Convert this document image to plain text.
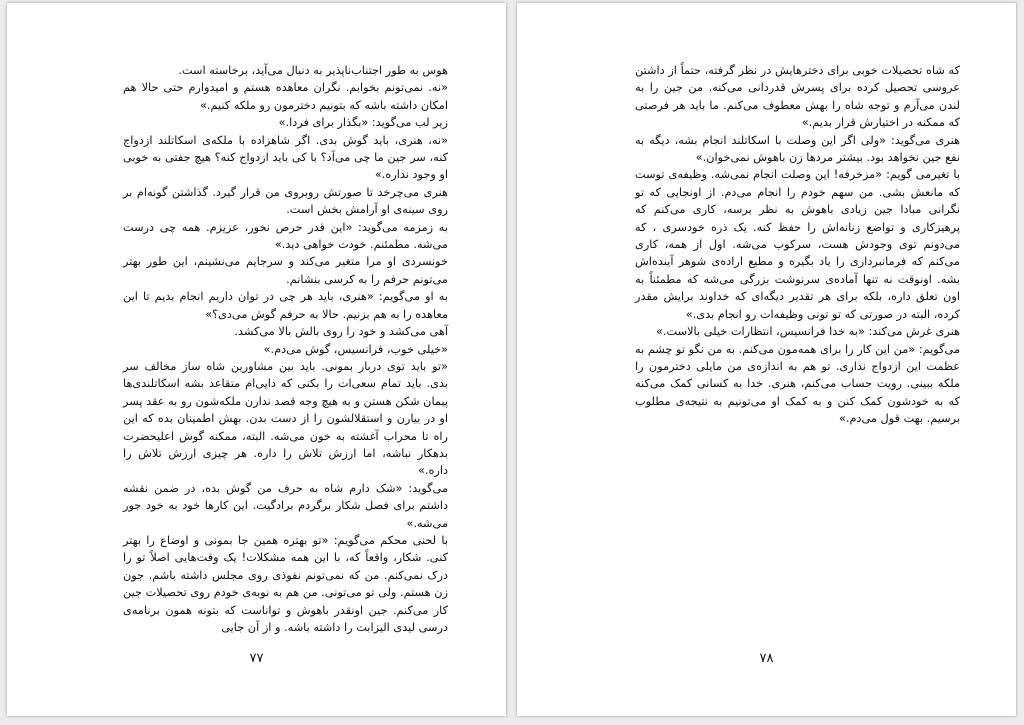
هوس به طور اجتناب‌ناپذیر به دنبال می‌آید، برخاسته است.

«نه. نمی‌تونم بخوابم. نگران معاهده هستم و امیدوارم حتی حالا هم امکان داشته باشه که بتونیم دخترمون رو ملکه کنیم.»

زیر لب می‌گوید: «بگذار برای فردا.»

«نه، هنری، باید گوش بدی. اگر شاهزاده با ملکه‌ی اسکاتلند ازدواج کنه، سر جین ما چی می‌آد؟ با کی باید ازدواج کنه؟ هیچ جفتی به خوبی او وجود نداره.»

هنری می‌چرخد تا صورتش روبروی من قرار گیرد. گذاشتن گونه‌ام بر روی سینه‌ی او آرامش بخش است.

به زمزمه می‌گوید: «این قدر حرص نخور، عزیزم. همه چی درست می‌شه. مطمئنم. خودت خواهی دید.»

خونسردی او مرا متغیر می‌کند و سرجایم می‌نشینم، این طور بهتر می‌تونم حرفم را به کرسی بنشانم.

به او می‌گویم: «هنری، باید هر چی در توان داریم انجام بدیم تا این معاهده را به هم بزنیم. حالا به حرفم گوش می‌دی؟»

آهی می‌کشد و خود را روی بالش بالا می‌کشد.

«خیلی خوب، فرانسیس، گوش می‌دم.»

«تو باید توی دربار بمونی. باید بین مشاورین شاه ساز مخالف سر بدی. باید تمام سعی‌ات را بکنی که دایی‌ام متقاعد بشه اسکاتلندی‌ها پیمان شکن هستن و به هیچ وجه قصد ندارن ملکه‌شون رو به عقد پسر او در بیارن و استقلالشون را از دست بدن. بهش اطمینان بده که این راه تا محراب آغشته به خون می‌شه. البته، ممکنه گوش اعلیحضرت بدهکار نباشه، اما ارزش تلاش را داره. هر چیزی ارزش تلاش را داره.»

می‌گوید: «شک دارم شاه به حرف من گوش بده، در ضمن نقشه داشتم برای فصل شکار برگردم برادگیت. این کارها خود به خود جور می‌شه.»

با لحنی محکم می‌گویم: «تو بهتره همین جا بمونی و اوضاع را بهتر کنی. شکار، واقعاً که، با این همه مشکلات! یک وقت‌هایی اصلاً تو را درک نمی‌کنم. من که نمی‌تونم نفوذی روی مجلس داشته باشم. جون زن هستم. ولی تو می‌تونی. من هم به نوبه‌ی خودم روی تحصیلات جین کار می‌کنم. جین اونقدر باهوش و تواناست که بتونه همون برنامه‌ی درسی لیدی الیزابت را داشته باشه. و از آن جایی

۷۷

که شاه تحصیلات خوبی برای دخترهایش در نظر گرفته، حتماً از داشتن عروسی تحصیل کرده برای پسرش قدردانی می‌کنه. من جین را به لندن می‌آرم و توجه شاه را بهش معطوف می‌کنم. ما باید هر فرصتی که ممکنه در اختیارش قرار بدیم.»

هنری می‌گوید: «ولی اگر این وصلت با اسکاتلند انجام بشه، دیگه به نفع جین نخواهد بود. بیشتر مردها زن باهوش نمی‌خوان.»

با تغیرمی گویم: «مزخرفه! این وصلت انجام نمی‌شه. وظیفه‌ی توست که مانعش بشی. من سهم خودم را انجام می‌دم. از اونجایی که تو نگرانی مبادا جین زیادی باهوش به نظر برسه، کاری می‌کنم که پرهیزکاری و تواضع زنانه‌اش را حفظ کنه. یک ذره خودسری ، که می‌دونم توی وجودش هست، سرکوب می‌شه. اول از همه، کاری می‌کنم که فرمانبرداری را یاد بگیره و مطیع اراده‌ی شوهر آینده‌اش بشه. اونوقت نه تنها آماده‌ی سرنوشت بزرگی می‌شه که مطمئناً به اون تعلق داره، بلکه برای هر تقدیر دیگه‌ای که خداوند برایش مقدر کرده، البته در صورتی که تو تونی وظیفه‌ات رو انجام بدی.»

هنری غرش می‌کند: «به خدا فرانسیس، انتظارات خیلی بالاست.»

می‌گویم: «من این کار را برای همه‌مون می‌کنم. به من نگو تو چشم به عظمت این ازدواج نداری. تو هم به اندازه‌ی من مایلی دخترمون را ملکه ببینی. رویت حساب می‌کنم، هنری. خدا به کسانی کمک می‌کنه که به خودشون کمک کنن و به کمک او می‌تونیم به نتیجه‌ی مطلوب برسیم. بهت قول می‌دم.»

۷۸
